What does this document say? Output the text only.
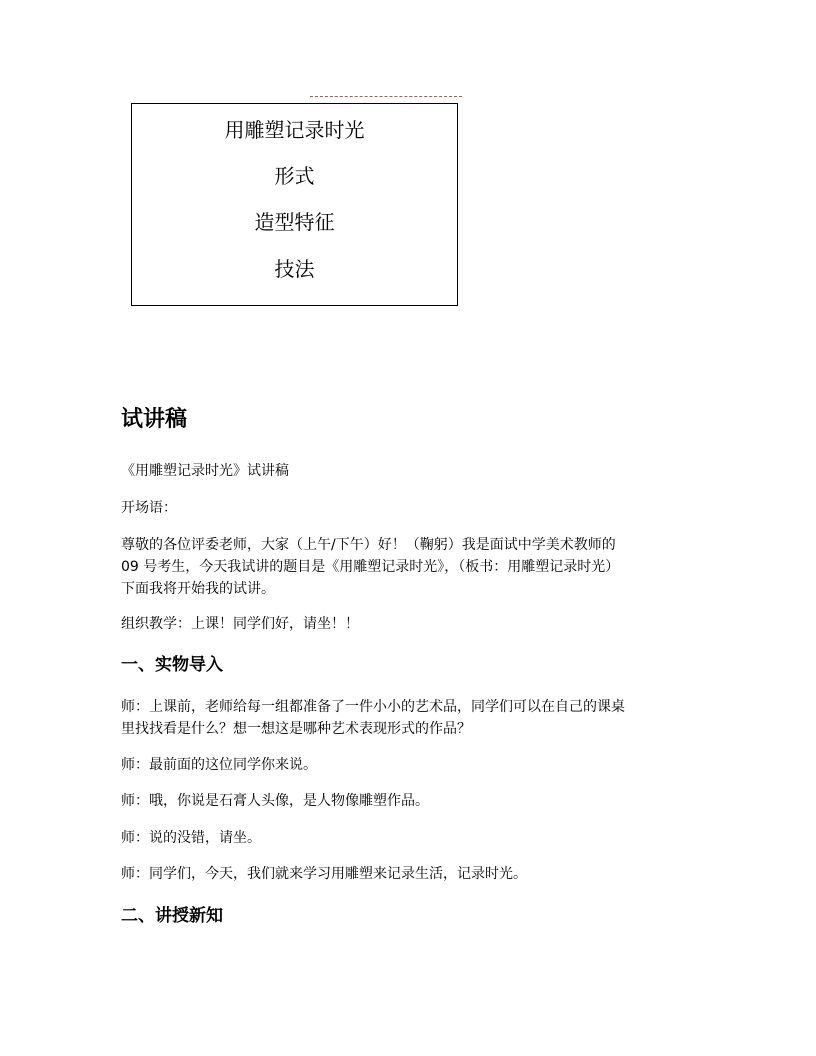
用雕塑记录时光
形式
造型特征
技法
试讲稿

《用雕塑记录时光》试讲稿

开场语：

尊敬的各位评委老师，大家（上午/下午）好！（鞠躬）我是面试中学美术教师的

09 号考生，今天我试讲的题目是《用雕塑记录时光》，（板书：用雕塑记录时光）

下面我将开始我的试讲。

组织教学：上课！同学们好，请坐！！

一、实物导入

师：上课前，老师给每一组都准备了一件小小的艺术品，同学们可以在自己的课桌

里找找看是什么？想一想这是哪种艺术表现形式的作品？

师：最前面的这位同学你来说。

师：哦，你说是石膏人头像，是人物像雕塑作品。

师：说的没错，请坐。

师：同学们，今天，我们就来学习用雕塑来记录生活，记录时光。

二、讲授新知
